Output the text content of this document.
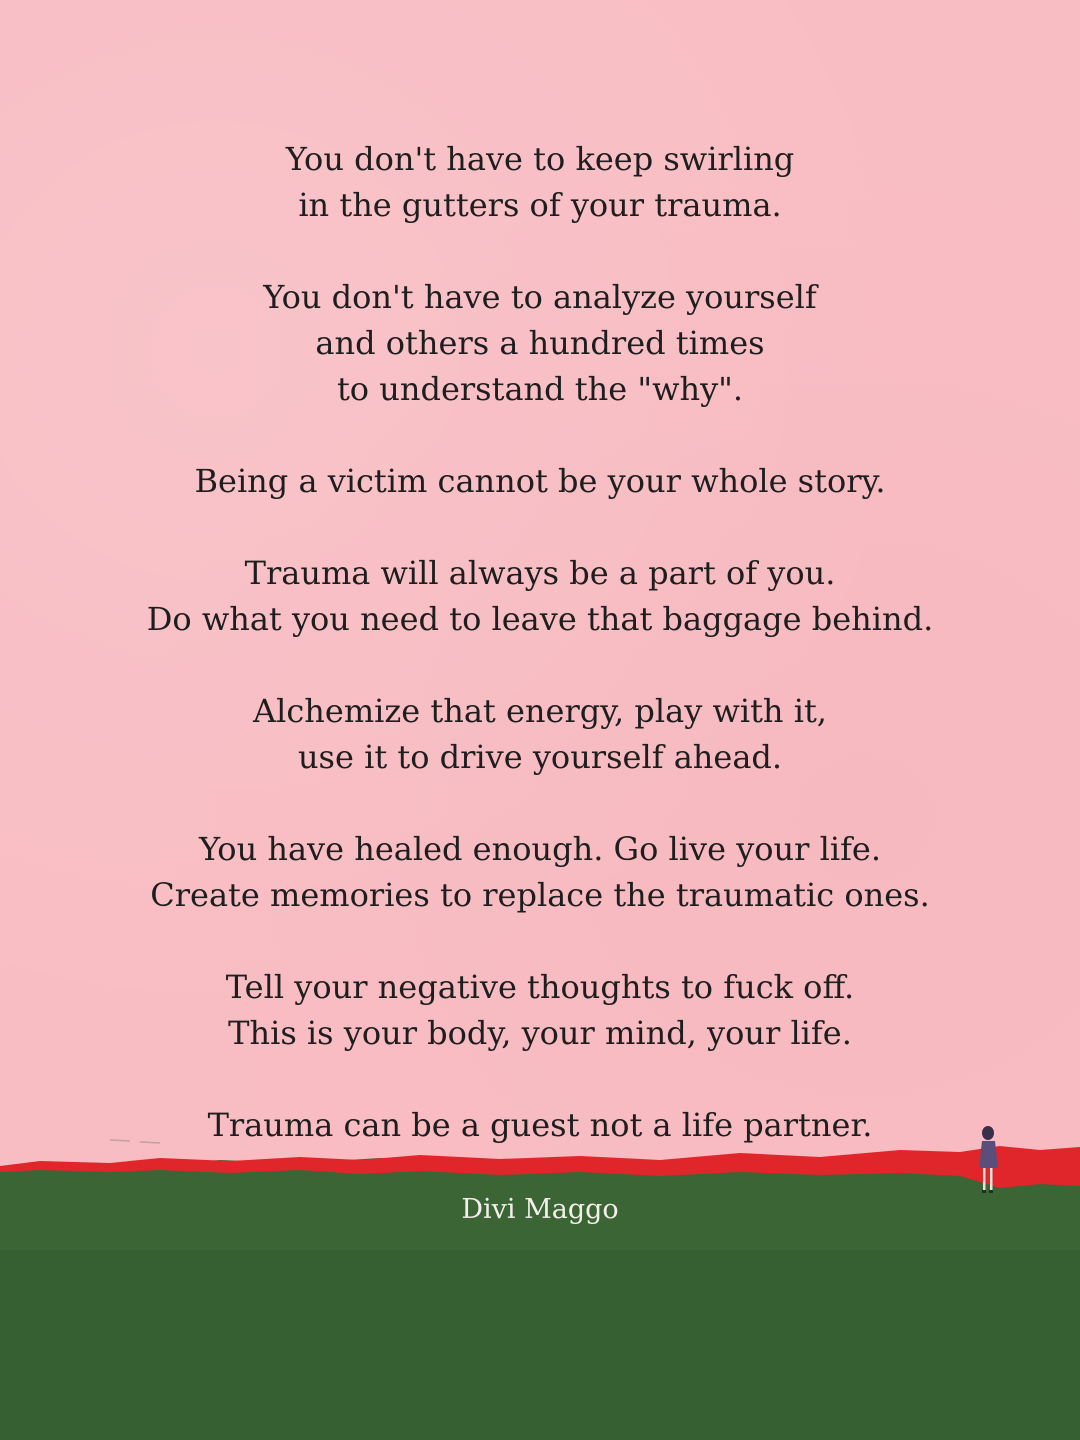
You don't have to keep swirling
in the gutters of your trauma.
You don't have to analyze yourself
and others a hundred times
to understand the "why".
Being a victim cannot be your whole story.
Trauma will always be a part of you.
Do what you need to leave that baggage behind.
Alchemize that energy, play with it,
use it to drive yourself ahead.
You have healed enough. Go live your life.
Create memories to replace the traumatic ones.
Tell your negative thoughts to fuck off.
This is your body, your mind, your life.
Trauma can be a guest not a life partner.
Divi Maggo
